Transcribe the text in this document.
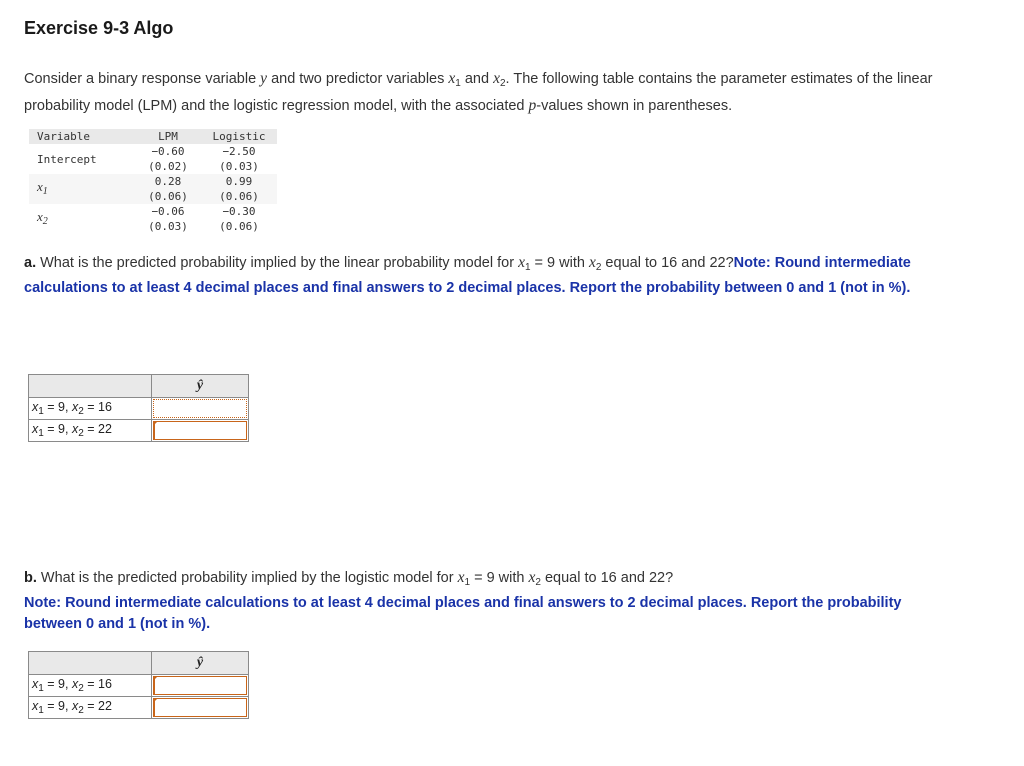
Exercise 9-3 Algo
Consider a binary response variable y and two predictor variables $x_1$ and $x_2$. The following table contains the parameter estimates of the linear probability model (LPM) and the logistic regression model, with the associated p-values shown in parentheses.
Variable	LPM	Logistic
Intercept	−0.60	−2.50
	(0.02)	(0.03)
$x_1$	0.28	0.99
	(0.06)	(0.06)
$x_2$	−0.06	−0.30
	(0.03)	(0.06)
a. What is the predicted probability implied by the linear probability model for $x_1 = 9$ with $x_2$ equal to 16 and 22?Note: Round intermediate calculations to at least 4 decimal places and final answers to 2 decimal places. Report the probability between 0 and 1 (not in %).
	ŷ
$x_1 = 9$, $x_2 = 16$	

$x_1 = 9$, $x_2 = 22$	
b. What is the predicted probability implied by the logistic model for $x_1 = 9$ with $x_2$ equal to 16 and 22?
Note: Round intermediate calculations to at least 4 decimal places and final answers to 2 decimal places. Report the probability between 0 and 1 (not in %).
	ŷ
$x_1 = 9$, $x_2 = 16$	

$x_1 = 9$, $x_2 = 22$	
